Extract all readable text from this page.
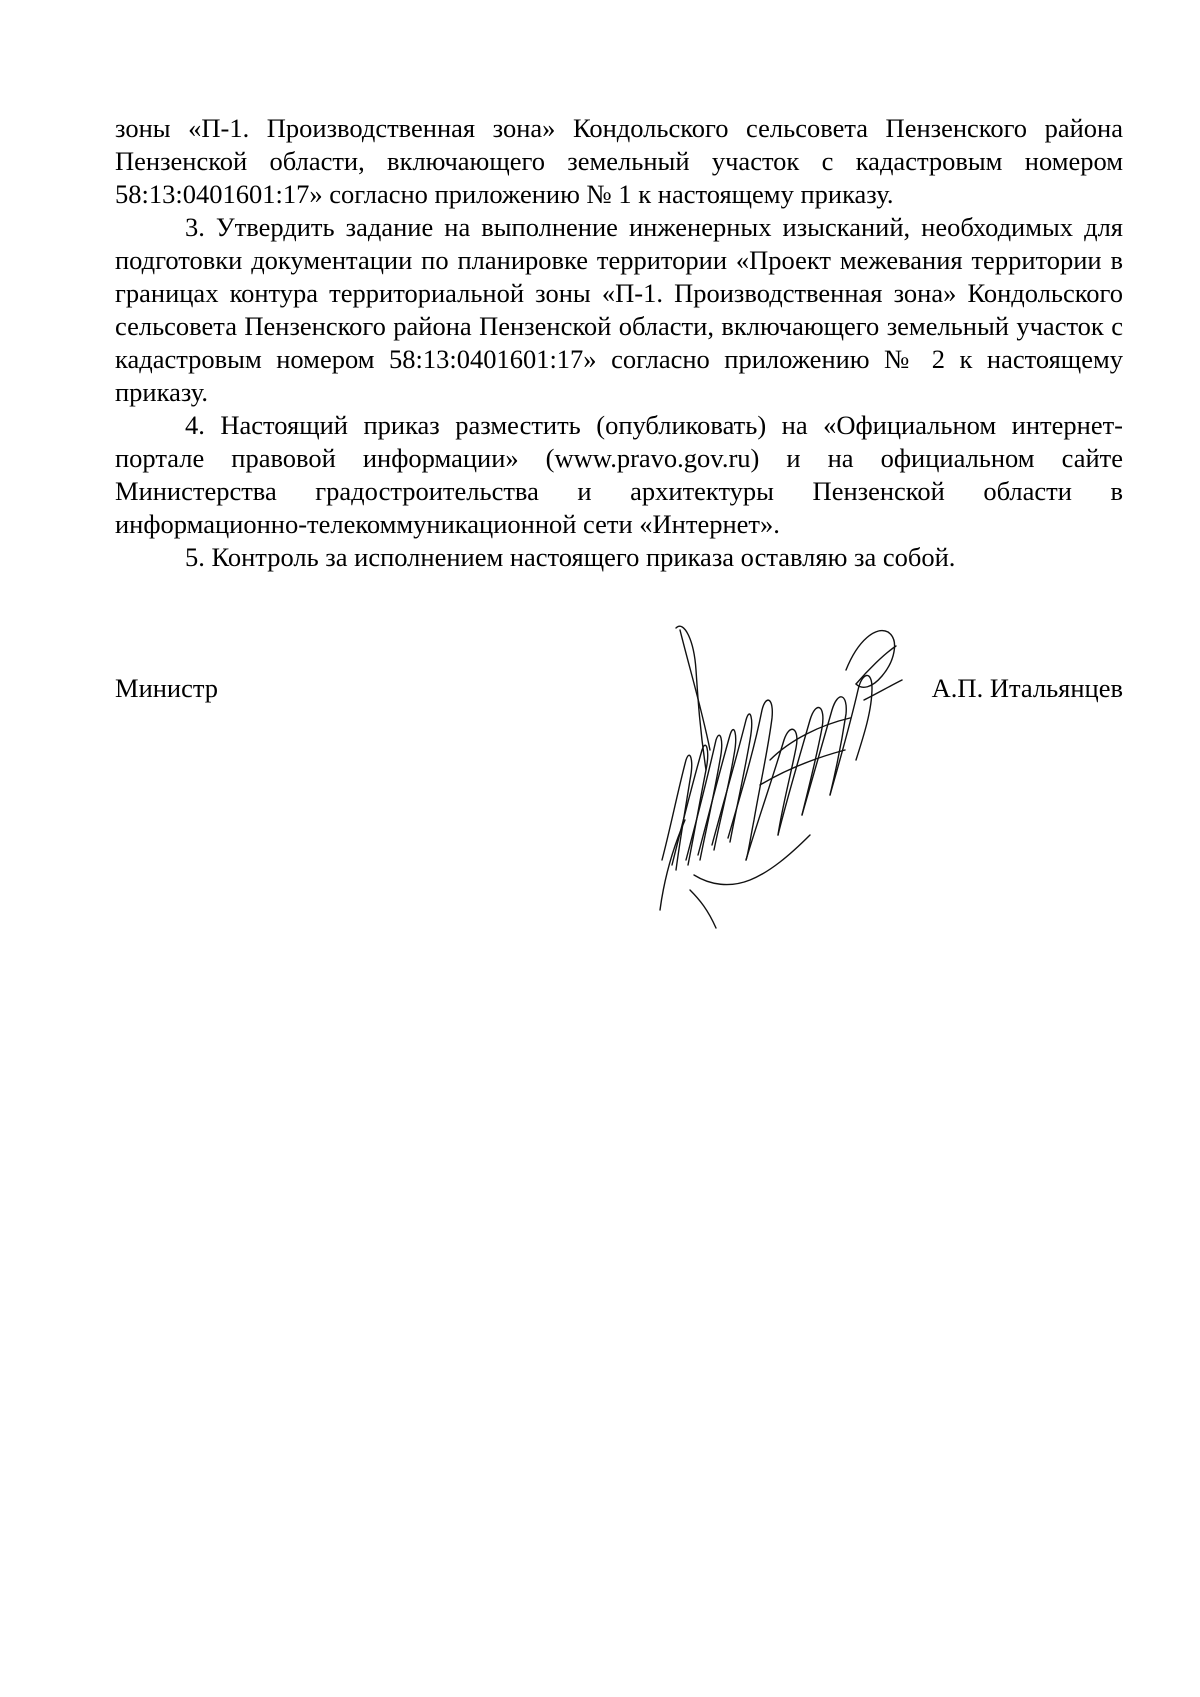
зоны «П-1. Производственная зона» Кондольского сельсовета Пензенского района Пензенской области, включающего земельный участок с кадастровым номером 58:13:0401601:17» согласно приложению № 1 к настоящему приказу.

3. Утвердить задание на выполнение инженерных изысканий, необходимых для подготовки документации по планировке территории «Проект межевания территории в границах контура территориальной зоны «П-1. Производственная зона» Кондольского сельсовета Пензенского района Пензенской области, включающего земельный участок с кадастровым номером 58:13:0401601:17» согласно приложению № 2 к настоящему приказу.

4. Настоящий приказ разместить (опубликовать) на «Официальном интернет-портале правовой информации» (www.pravo.gov.ru) и на официальном сайте Министерства градостроительства и архитектуры Пензенской области в информационно-телекоммуникационной сети «Интернет».

5. Контроль за исполнением настоящего приказа оставляю за собой.

Министр	А.П. Итальянцев
